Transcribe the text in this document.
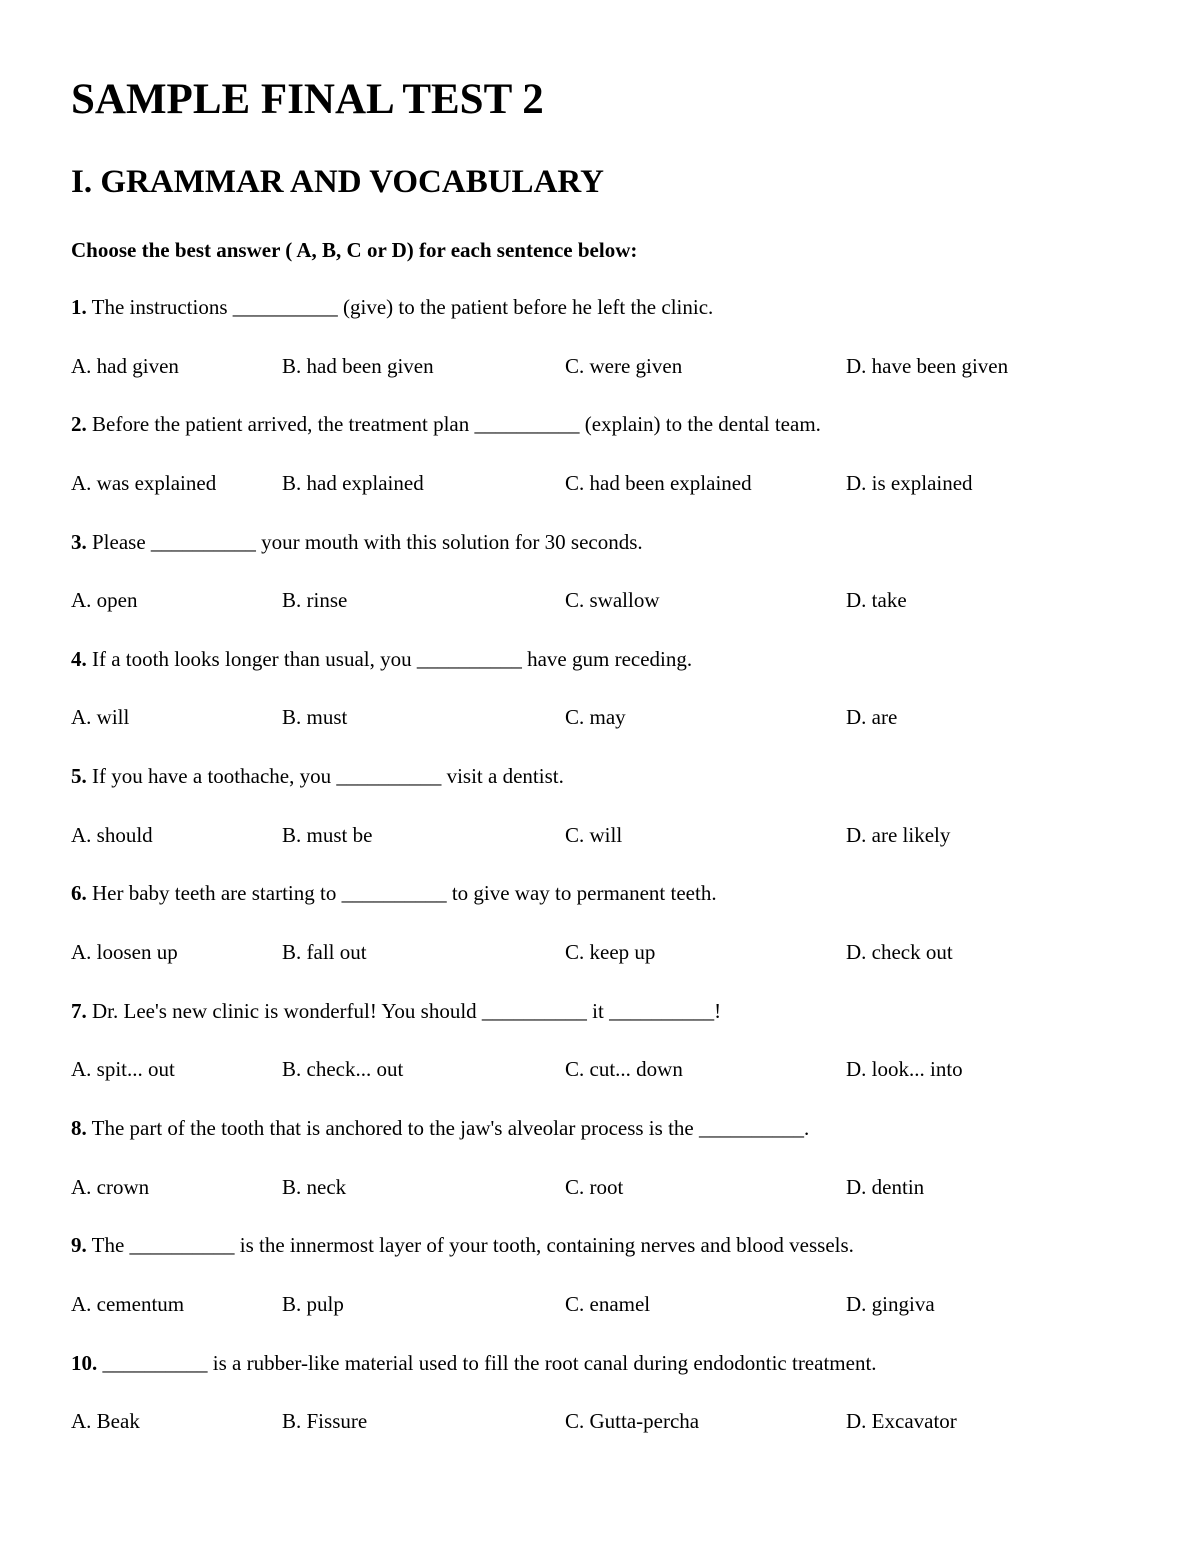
SAMPLE FINAL TEST 2
I. GRAMMAR AND VOCABULARY

Choose the best answer ( A, B, C or D) for each sentence below:

1. The instructions __________ (give) to the patient before he left the clinic.
A. had given	B. had been given	C. were given	D. have been given
2. Before the patient arrived, the treatment plan __________ (explain) to the dental team.
A. was explained	B. had explained	C. had been explained	D. is explained
3. Please __________ your mouth with this solution for 30 seconds.
A. open	B. rinse	C. swallow	D. take
4. If a tooth looks longer than usual, you __________ have gum receding.
A. will	B. must	C. may	D. are
5. If you have a toothache, you __________ visit a dentist.
A. should	B. must be	C. will	D. are likely
6. Her baby teeth are starting to __________ to give way to permanent teeth.
A. loosen up	B. fall out	C. keep up	D. check out
7. Dr. Lee's new clinic is wonderful! You should __________ it __________!
A. spit... out	B. check... out	C. cut... down	D. look... into
8. The part of the tooth that is anchored to the jaw's alveolar process is the __________.
A. crown	B. neck	C. root	D. dentin
9. The __________ is the innermost layer of your tooth, containing nerves and blood vessels.
A. cementum	B. pulp	C. enamel	D. gingiva
10. __________ is a rubber-like material used to fill the root canal during endodontic treatment.
A. Beak	B. Fissure	C. Gutta-percha	D. Excavator
